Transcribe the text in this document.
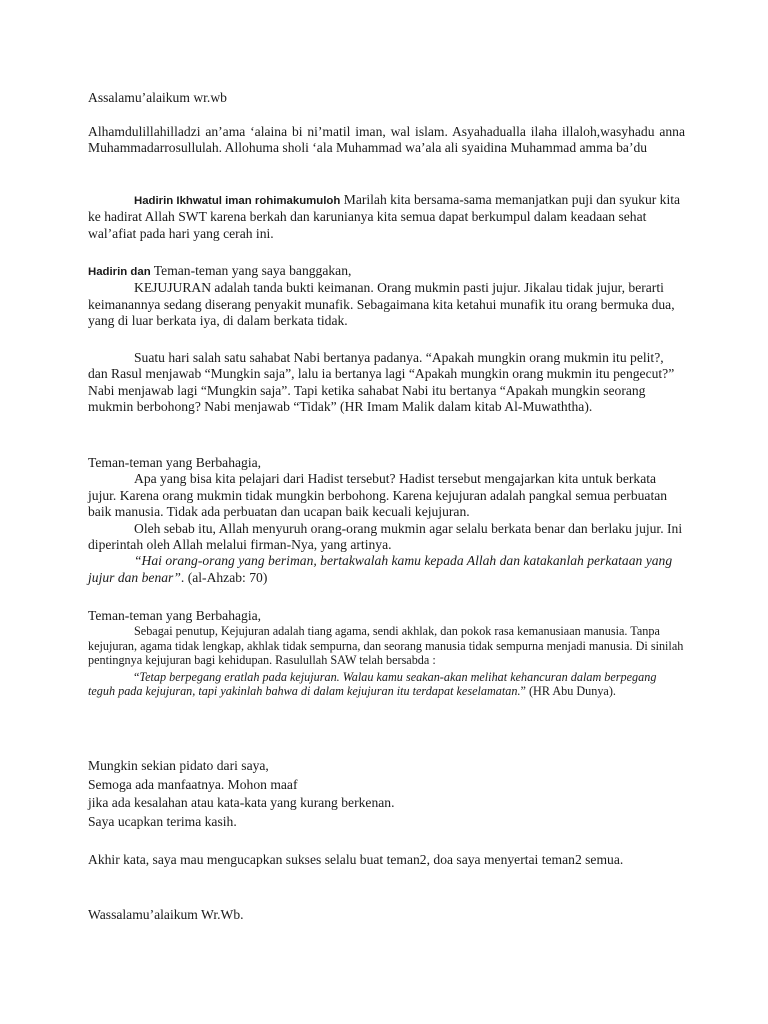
Assalamu’alaikum wr.wb

Alhamdulillahilladzi an’ama ‘alaina bi ni’matil iman, wal islam. Asyahadualla ilaha illaloh,wasyhadu anna Muhammadarrosullulah. Allohuma sholi ‘ala Muhammad wa’ala ali syaidina Muhammad amma ba’du

Hadirin Ikhwatul iman rohimakumuloh Marilah kita bersama-sama memanjatkan puji dan syukur kita ke hadirat Allah SWT karena berkah dan karunianya kita semua dapat berkumpul dalam keadaan sehat wal’afiat pada hari yang cerah ini.

Hadirin dan Teman-teman yang saya banggakan,

KEJUJURAN adalah tanda bukti keimanan. Orang mukmin pasti jujur. Jikalau tidak jujur, berarti keimanannya sedang diserang penyakit munafik. Sebagaimana kita ketahui munafik itu orang bermuka dua, yang di luar berkata iya, di dalam berkata tidak.

Suatu hari salah satu sahabat Nabi bertanya padanya. “Apakah mungkin orang mukmin itu pelit?, dan Rasul menjawab “Mungkin saja”, lalu ia bertanya lagi “Apakah mungkin orang mukmin itu pengecut?” Nabi menjawab lagi “Mungkin saja”. Tapi ketika sahabat Nabi itu bertanya “Apakah mungkin seorang mukmin berbohong? Nabi menjawab “Tidak” (HR Imam Malik dalam kitab Al-Muwaththa).

Teman-teman yang Berbahagia,

Apa yang bisa kita pelajari dari Hadist tersebut? Hadist tersebut mengajarkan kita untuk berkata jujur. Karena orang mukmin tidak mungkin berbohong. Karena kejujuran adalah pangkal semua perbuatan baik manusia. Tidak ada perbuatan dan ucapan baik kecuali kejujuran.

Oleh sebab itu, Allah menyuruh orang-orang mukmin agar selalu berkata benar dan berlaku jujur. Ini diperintah oleh Allah melalui firman-Nya, yang artinya.

“Hai orang-orang yang beriman, bertakwalah kamu kepada Allah dan katakanlah perkataan yang jujur dan benar”. (al-Ahzab: 70)

Teman-teman yang Berbahagia,

Sebagai penutup, Kejujuran adalah tiang agama, sendi akhlak, dan pokok rasa kemanusiaan manusia. Tanpa kejujuran, agama tidak lengkap, akhlak tidak sempurna, dan seorang manusia tidak sempurna menjadi manusia. Di sinilah pentingnya kejujuran bagi kehidupan. Rasulullah SAW telah bersabda :

“Tetap berpegang eratlah pada kejujuran. Walau kamu seakan-akan melihat kehancuran dalam berpegang teguh pada kejujuran, tapi yakinlah bahwa di dalam kejujuran itu terdapat keselamatan.” (HR Abu Dunya).

Mungkin sekian pidato dari saya,

Semoga ada manfaatnya. Mohon maaf

jika ada kesalahan atau kata-kata yang kurang berkenan.

Saya ucapkan terima kasih.

Akhir kata, saya mau mengucapkan sukses selalu buat teman2, doa saya menyertai teman2 semua.

Wassalamu’alaikum Wr.Wb.
